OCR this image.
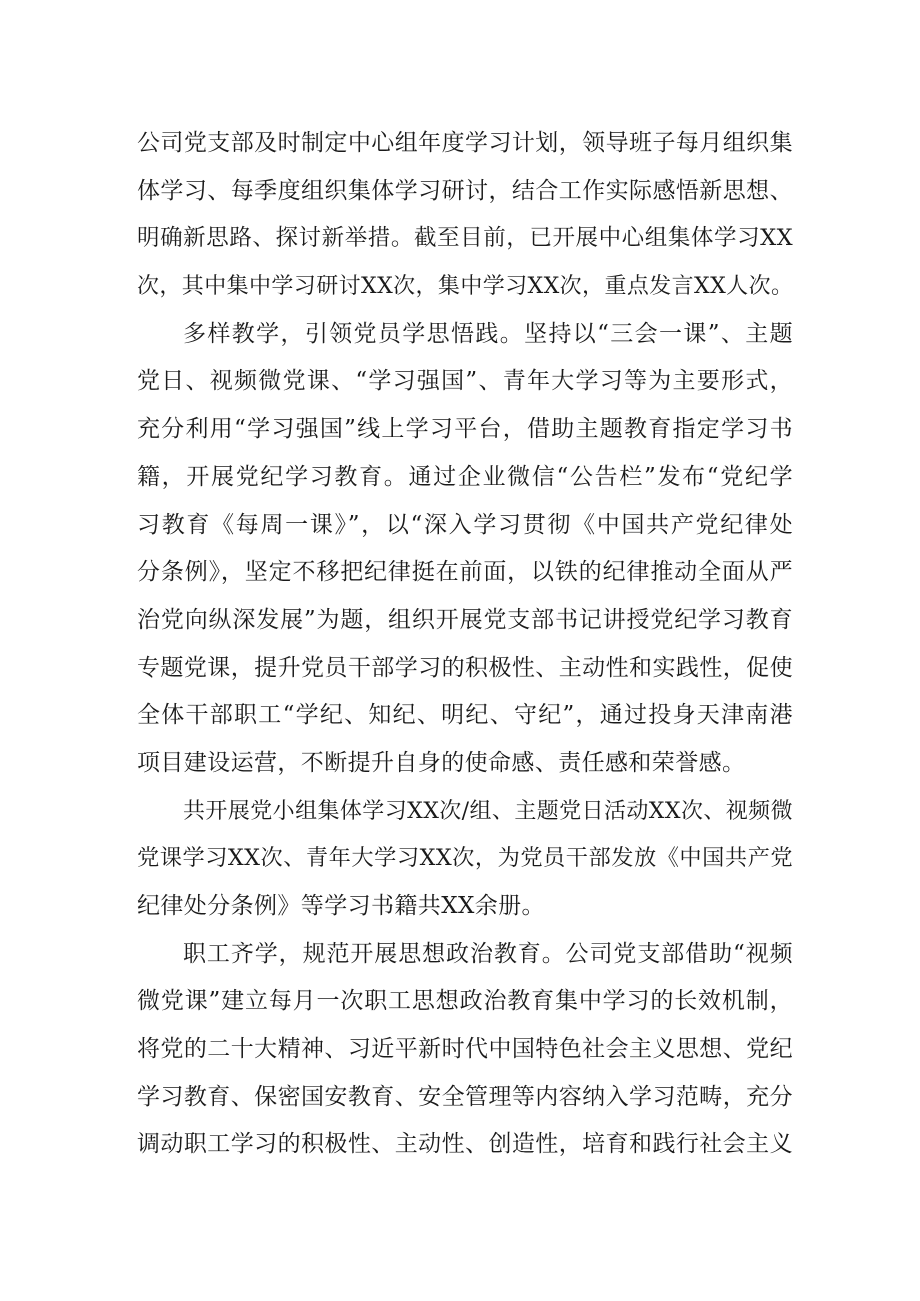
公司党支部及时制定中心组年度学习计划，领导班子每月组织集
体学习、每季度组织集体学习研讨，结合工作实际感悟新思想、
明确新思路、探讨新举措。截至目前，已开展中心组集体学习XX
次，其中集中学习研讨XX次，集中学习XX次，重点发言XX人次。
多样教学，引领党员学思悟践。坚持以“三会一课”、主题
党日、视频微党课、“学习强国”、青年大学习等为主要形式，
充分利用“学习强国”线上学习平台，借助主题教育指定学习书
籍，开展党纪学习教育。通过企业微信“公告栏”发布“党纪学
习教育《每周一课》”，以“深入学习贯彻《中国共产党纪律处
分条例》，坚定不移把纪律挺在前面，以铁的纪律推动全面从严
治党向纵深发展”为题，组织开展党支部书记讲授党纪学习教育
专题党课，提升党员干部学习的积极性、主动性和实践性，促使
全体干部职工“学纪、知纪、明纪、守纪”，通过投身天津南港
项目建设运营，不断提升自身的使命感、责任感和荣誉感。
共开展党小组集体学习XX次/组、主题党日活动XX次、视频微
党课学习XX次、青年大学习XX次，为党员干部发放《中国共产党
纪律处分条例》等学习书籍共XX余册。
职工齐学，规范开展思想政治教育。公司党支部借助“视频
微党课”建立每月一次职工思想政治教育集中学习的长效机制，
将党的二十大精神、习近平新时代中国特色社会主义思想、党纪
学习教育、保密国安教育、安全管理等内容纳入学习范畴，充分
调动职工学习的积极性、主动性、创造性，培育和践行社会主义
